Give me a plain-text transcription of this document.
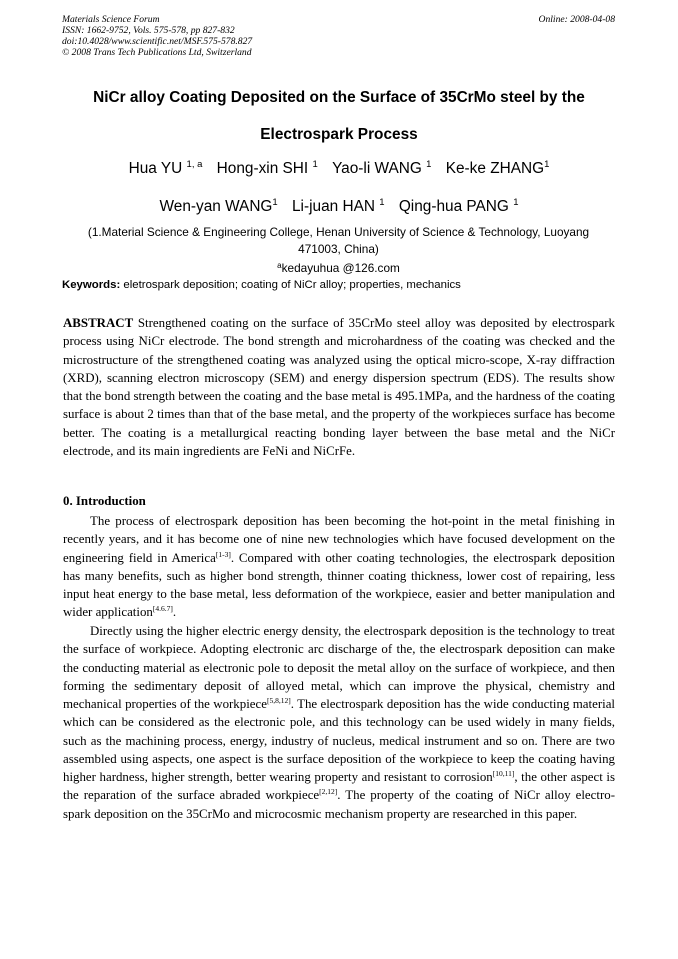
Materials Science Forum
ISSN: 1662-9752, Vols. 575-578, pp 827-832
doi:10.4028/www.scientific.net/MSF.575-578.827
© 2008 Trans Tech Publications Ltd, Switzerland
Online: 2008-04-08
NiCr alloy Coating Deposited on the Surface of 35CrMo steel by the
Electrospark Process
Hua YU $^{1, a}$ Hong-xin SHI $^1$ Yao-li WANG $^1$ Ke-ke ZHANG$^1$
Wen-yan WANG$^1$ Li-juan HAN $^1$ Qing-hua PANG $^1$
(1.Material Science & Engineering College, Henan University of Science & Technology, Luoyang
471003, China)
$^a$kedayuhua @126.com
Keywords: eletrospark deposition; coating of NiCr alloy; properties, mechanics
ABSTRACT Strengthened coating on the surface of 35CrMo steel alloy was deposited by electrospark process using NiCr electrode. The bond strength and microhardness of the coating was checked and the microstructure of the strengthened coating was analyzed using the optical micro-scope, X-ray diffraction (XRD), scanning electron microscopy (SEM) and energy dispersion spectrum (EDS). The results show that the bond strength between the coating and the base metal is 495.1MPa, and the hardness of the coating surface is about 2 times than that of the base metal, and the property of the workpieces surface has become better. The coating is a metallurgical reacting bonding layer between the base metal and the NiCr electrode, and its main ingredients are FeNi and NiCrFe.
0. Introduction
The process of electrospark deposition has been becoming the hot-point in the metal finishing in recently years, and it has become one of nine new technologies which have focused development on the engineering field in America[1-3]. Compared with other coating technologies, the electrospark deposition has many benefits, such as higher bond strength, thinner coating thickness, lower cost of repairing, less input heat energy to the base metal, less deformation of the workpiece, easier and better manipulation and wider application[4.6.7].
Directly using the higher electric energy density, the electrospark deposition is the technology to treat the surface of workpiece. Adopting electronic arc discharge of the, the electrospark deposition can make the conducting material as electronic pole to deposit the metal alloy on the surface of workpiece, and then forming the sedimentary deposit of alloyed metal, which can improve the physical, chemistry and mechanical properties of the workpiece[5,8,12]. The electrospark deposition has the wide conducting material which can be considered as the electronic pole, and this technology can be used widely in many fields, such as the machining process, energy, industry of nucleus, medical instrument and so on. There are two assembled using aspects, one aspect is the surface deposition of the workpiece to keep the coating having higher hardness, higher strength, better wearing property and resistant to corrosion[10,11], the other aspect is the reparation of the surface abraded workpiece[2,12]. The property of the coating of NiCr alloy electro-spark deposition on the 35CrMo and microcosmic mechanism property are researched in this paper.
